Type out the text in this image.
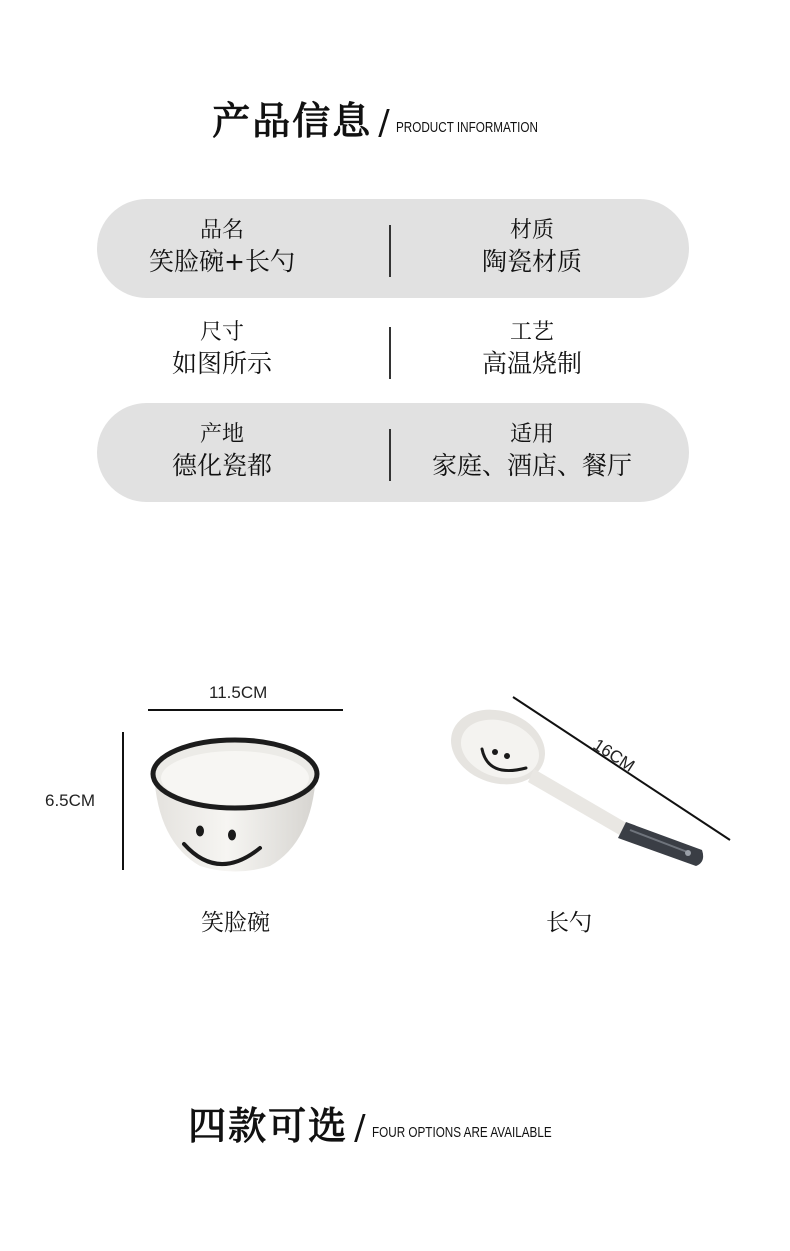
产品信息 / PRODUCT INFORMATION
品名
笑脸碗+长勺
材质
陶瓷材质
尺寸
如图所示
工艺
高温烧制
产地
德化瓷都
适用
家庭、酒店、餐厅
11.5CM
6.5CM
笑脸碗
16CM
长勺
四款可选 / FOUR OPTIONS ARE AVAILABLE
